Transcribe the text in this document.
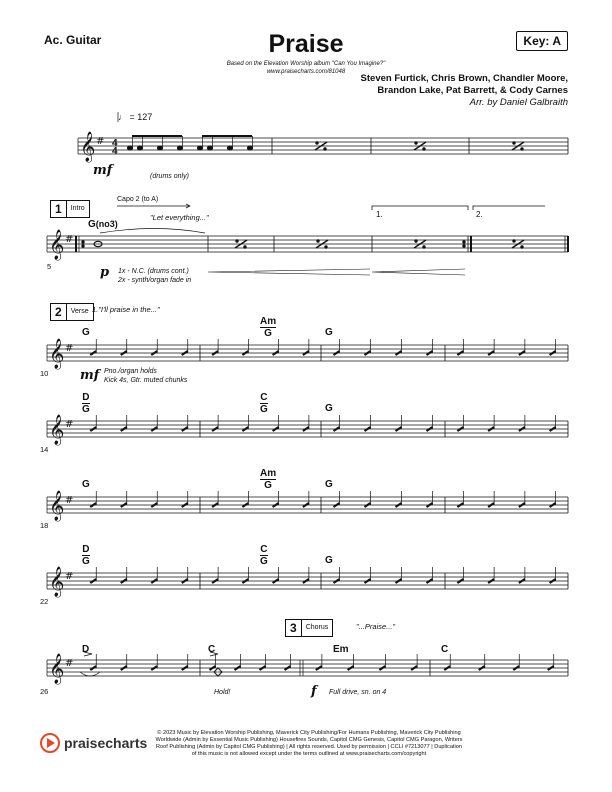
Ac. Guitar	Praise	Key: A
Based on the Elevation Worship album "Can You Imagine?"
www.praisecharts.com/81048
Steven Furtick, Chris Brown, Chandler Moore,
Brandon Lake, Pat Barrett, & Cody Carnes
Arr. by Daniel Galbraith
𝄞 # 4
4
𝄞 #
𝄞 #
𝄞 #
𝄞 #
𝄞 #
𝄞 #
♩ = 127
mf	(drums only)
1	Intro
Capo 2 (to A)
"Let everything..."
G(no3)
5	p 1x - N.C. (drums cont.)
2x - synth/organ fade in
1.	2.
2	Verse 1."I'll praise in the..."
mf Pno./organ holds
Kick 4s, Gtr. muted chunks
10
G
Am
G	G
14
D
G
C
G	G
18
G
Am
G	G
22
D
G
C
G	G
3	Chorus	"...Praise..."
26
D	C	Em	C
Hold!	f Full drive, sn. on 4
praisecharts
© 2023 Music by Elevation Worship Publishing, Maverick City Publishing/For Humans Publishing, Maverick City Publishing Worldwide (Admin by Essential Music Publishing) Housefires Sounds, Capitol CMG Genesis, Capitol CMG Paragon, Writers Roof Publishing (Admin by Capitol CMG Publishing) | All rights reserved. Used by permission | CCLI #7213077 | Duplication of this music is not allowed except under the terms outlined at www.praisecharts.com/copyright
